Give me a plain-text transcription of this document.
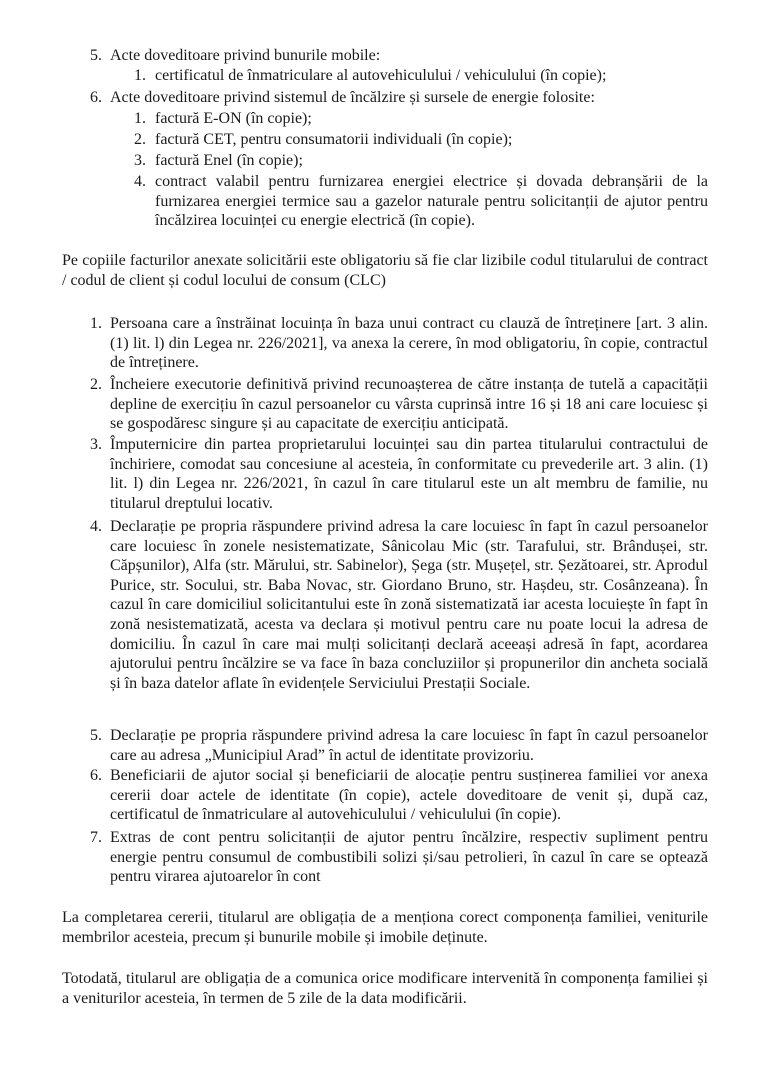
5. Acte doveditoare privind bunurile mobile:
1. certificatul de înmatriculare al autovehiculului / vehiculului (în copie);
6. Acte doveditoare privind sistemul de încălzire și sursele de energie folosite:
1. factură E-ON (în copie);
2. factură CET, pentru consumatorii individuali (în copie);
3. factură Enel (în copie);
4. contract valabil pentru furnizarea energiei electrice și dovada debranșării de la furnizarea energiei termice sau a gazelor naturale pentru solicitanții de ajutor pentru încălzirea locuinței cu energie electrică (în copie).
Pe copiile facturilor anexate solicitării este obligatoriu să fie clar lizibile codul titularului de contract / codul de client și codul locului de consum (CLC)
1. Persoana care a înstrăinat locuința în baza unui contract cu clauză de întreținere [art. 3 alin. (1) lit. l) din Legea nr. 226/2021], va anexa la cerere, în mod obligatoriu, în copie, contractul de întreținere.
2. Încheiere executorie definitivă privind recunoașterea de către instanța de tutelă a capacității depline de exercițiu în cazul persoanelor cu vârsta cuprinsă intre 16 și 18 ani care locuiesc și se gospodăresc singure și au capacitate de exercițiu anticipată.
3. Împuternicire din partea proprietarului locuinței sau din partea titularului contractului de închiriere, comodat sau concesiune al acesteia, în conformitate cu prevederile art. 3 alin. (1) lit. l) din Legea nr. 226/2021, în cazul în care titularul este un alt membru de familie, nu titularul dreptului locativ.
4. Declarație pe propria răspundere privind adresa la care locuiesc în fapt în cazul persoanelor care locuiesc în zonele nesistematizate, Sânicolau Mic (str. Tarafului, str. Brândușei, str. Căpșunilor), Alfa (str. Mărului, str. Sabinelor), Șega (str. Mușețel, str. Șezătoarei, str. Aprodul Purice, str. Socului, str. Baba Novac, str. Giordano Bruno, str. Hașdeu, str. Cosânzeana). În cazul în care domiciliul solicitantului este în zonă sistematizată iar acesta locuiește în fapt în zonă nesistematizată, acesta va declara și motivul pentru care nu poate locui la adresa de domiciliu. În cazul în care mai mulți solicitanți declară aceeași adresă în fapt, acordarea ajutorului pentru încălzire se va face în baza concluziilor și propunerilor din ancheta socială și în baza datelor aflate în evidențele Serviciului Prestații Sociale.
5. Declarație pe propria răspundere privind adresa la care locuiesc în fapt în cazul persoanelor care au adresa „Municipiul Arad” în actul de identitate provizoriu.
6. Beneficiarii de ajutor social și beneficiarii de alocație pentru susținerea familiei vor anexa cererii doar actele de identitate (în copie), actele doveditoare de venit și, după caz, certificatul de înmatriculare al autovehiculului / vehiculului (în copie).
7. Extras de cont pentru solicitanții de ajutor pentru încălzire, respectiv supliment pentru energie pentru consumul de combustibili solizi și/sau petrolieri, în cazul în care se optează pentru virarea ajutoarelor în cont
La completarea cererii, titularul are obligația de a menționa corect componența familiei, veniturile membrilor acesteia, precum și bunurile mobile și imobile deținute.
Totodată, titularul are obligația de a comunica orice modificare intervenită în componența familiei și a veniturilor acesteia, în termen de 5 zile de la data modificării.
